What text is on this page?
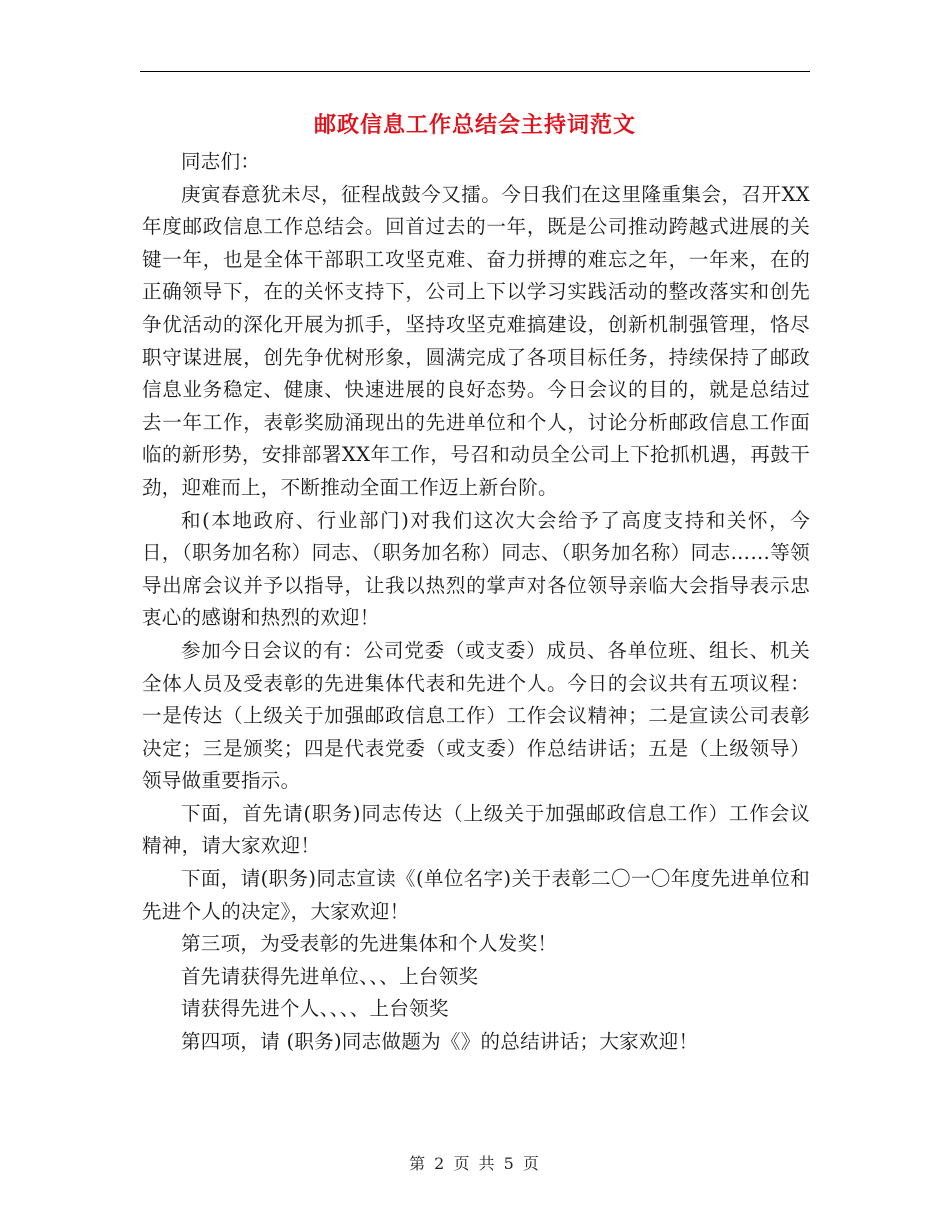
邮政信息工作总结会主持词范文

同志们：

庚寅春意犹未尽，征程战鼓今又擂。今日我们在这里隆重集会，召开XX年度邮政信息工作总结会。回首过去的一年，既是公司推动跨越式进展的关键一年，也是全体干部职工攻坚克难、奋力拼搏的难忘之年，一年来，在的正确领导下，在的关怀支持下，公司上下以学习实践活动的整改落实和创先争优活动的深化开展为抓手，坚持攻坚克难搞建设，创新机制强管理，恪尽职守谋进展，创先争优树形象，圆满完成了各项目标任务，持续保持了邮政信息业务稳定、健康、快速进展的良好态势。今日会议的目的，就是总结过去一年工作，表彰奖励涌现出的先进单位和个人，讨论分析邮政信息工作面临的新形势，安排部署XX年工作，号召和动员全公司上下抢抓机遇，再鼓干劲，迎难而上，不断推动全面工作迈上新台阶。

和(本地政府、行业部门)对我们这次大会给予了高度支持和关怀，今日，（职务加名称）同志、（职务加名称）同志、（职务加名称）同志……等领导出席会议并予以指导，让我以热烈的掌声对各位领导亲临大会指导表示忠衷心的感谢和热烈的欢迎！

参加今日会议的有：公司党委（或支委）成员、各单位班、组长、机关全体人员及受表彰的先进集体代表和先进个人。今日的会议共有五项议程：一是传达（上级关于加强邮政信息工作）工作会议精神；二是宣读公司表彰决定；三是颁奖；四是代表党委（或支委）作总结讲话；五是（上级领导）领导做重要指示。

下面，首先请(职务)同志传达（上级关于加强邮政信息工作）工作会议精神，请大家欢迎！

下面，请(职务)同志宣读《(单位名字)关于表彰二〇一〇年度先进单位和先进个人的决定》，大家欢迎！

第三项，为受表彰的先进集体和个人发奖！

首先请获得先进单位、、、上台领奖

请获得先进个人、、、、上台领奖

第四项，请 (职务)同志做题为《》的总结讲话；大家欢迎！

第 2 页 共 5 页
